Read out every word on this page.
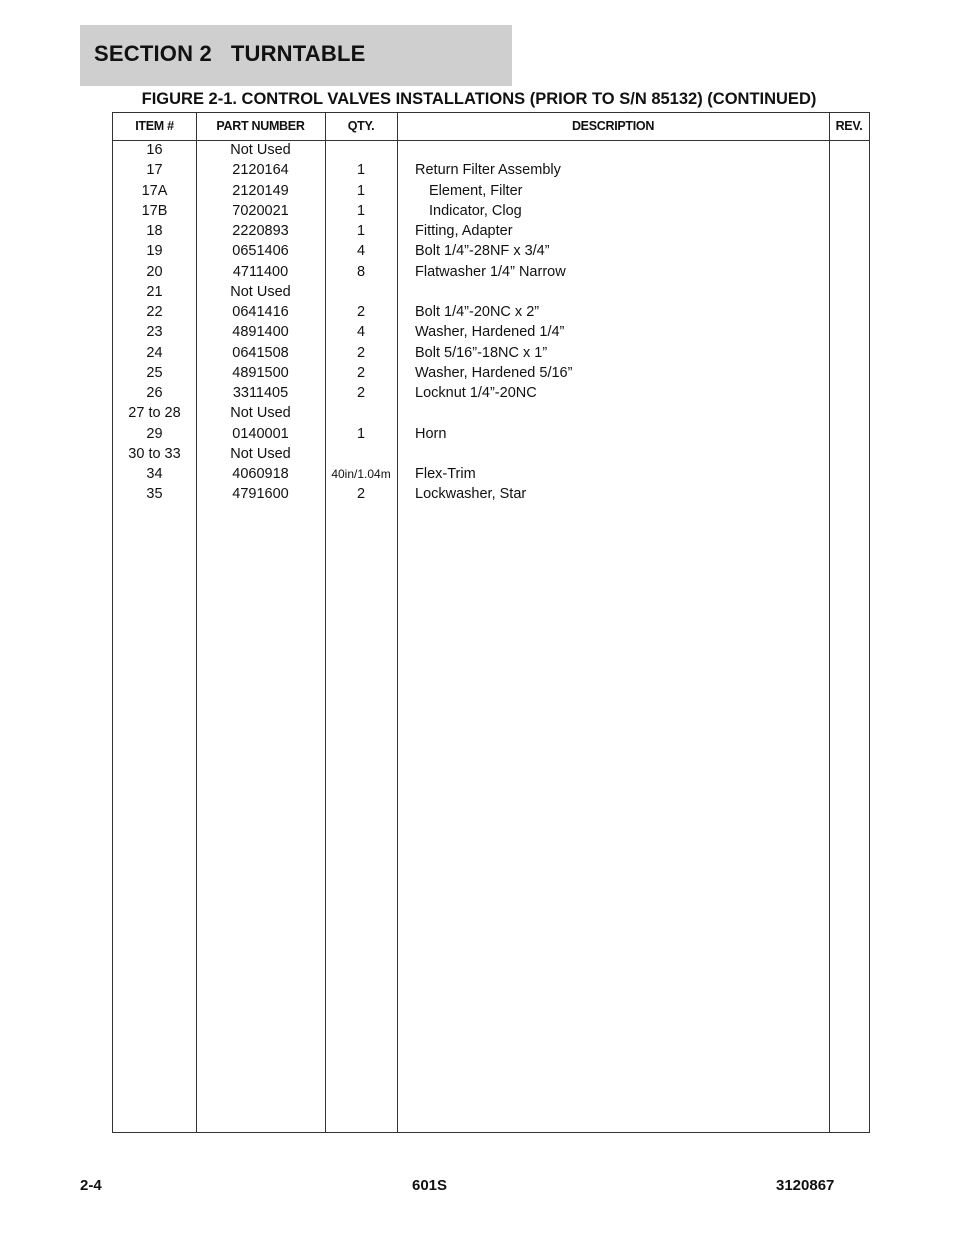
SECTION 2   TURNTABLE
FIGURE 2-1. CONTROL VALVES INSTALLATIONS (PRIOR TO S/N 85132) (CONTINUED)
ITEM #	PART NUMBER	QTY.	DESCRIPTION	REV.
16	Not Used
17	2120164	1	Return Filter Assembly
17A	2120149	1	Element, Filter
17B	7020021	1	Indicator, Clog
18	2220893	1	Fitting, Adapter
19	0651406	4	Bolt 1/4”-28NF x 3/4”
20	4711400	8	Flatwasher 1/4” Narrow
21	Not Used
22	0641416	2	Bolt 1/4”-20NC x 2”
23	4891400	4	Washer, Hardened 1/4”
24	0641508	2	Bolt 5/16”-18NC x 1”
25	4891500	2	Washer, Hardened 5/16”
26	3311405	2	Locknut 1/4”-20NC
27 to 28	Not Used
29	0140001	1	Horn
30 to 33	Not Used
34	4060918	40in/1.04m	Flex-Trim
35	4791600	2	Lockwasher, Star
2-4	601S	3120867
